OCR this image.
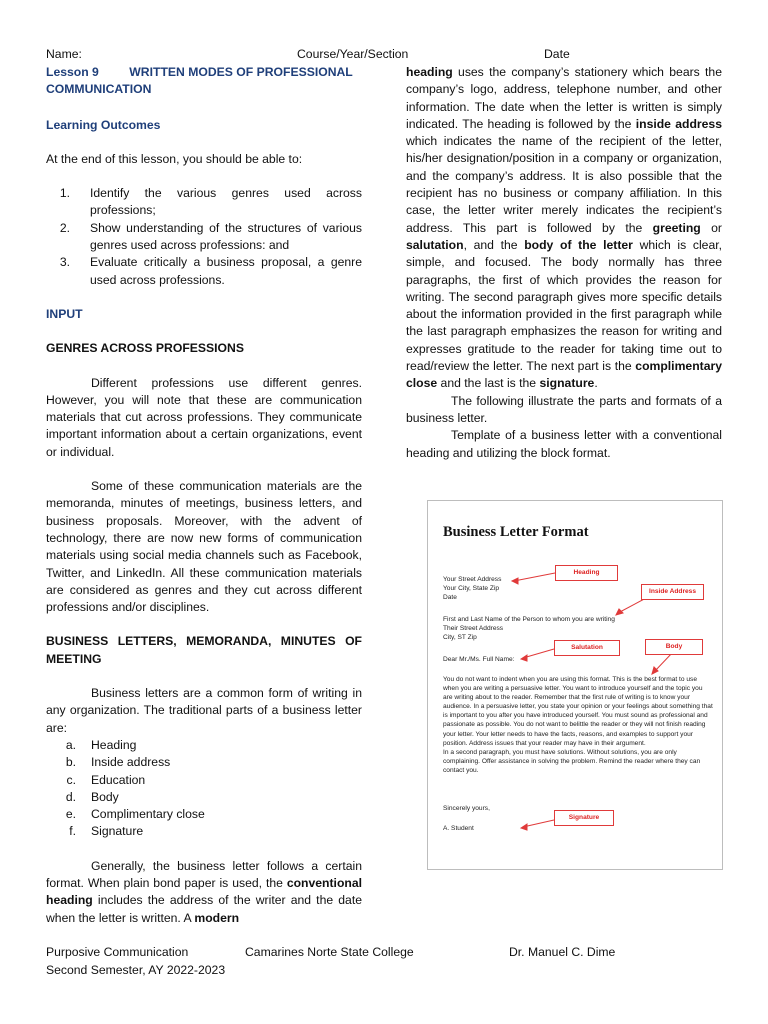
Name:	Course/Year/Section	Date
Lesson 9         WRITTEN MODES OF PROFESSIONAL
COMMUNICATION
Learning Outcomes

At the end of this lesson, you should be able to:

1.	Identify the various genres used across professions;
2.	Show understanding of the structures of various genres used across professions: and
3.	Evaluate critically a business proposal, a genre used across professions.
INPUT
GENRES ACROSS PROFESSIONS

Different professions use different genres. However, you will note that these are communication materials that cut across professions. They communicate important information about a certain organizations, event or individual.

Some of these communication materials are the memoranda, minutes of meetings, business letters, and business proposals. Moreover, with the advent of technology, there are now new forms of communication materials using social media channels such as Facebook, Twitter, and LinkedIn. All these communication materials are considered as genres and they cut across different professions and/or disciplines.

BUSINESS LETTERS, MEMORANDA, MINUTES OF MEETING

Business letters are a common form of writing in any organization. The traditional parts of a business letter are:

a.	Heading
b.	Inside address
c.	Education
d.	Body
e.	Complimentary close
f.	Signature

Generally, the business letter follows a certain format. When plain bond paper is used, the conventional heading includes the address of the writer and the date when the letter is written. A modern

heading uses the company’s stationery which bears the company’s logo, address, telephone number, and other information. The date when the letter is written is simply indicated. The heading is followed by the inside address which indicates the name of the recipient of the letter, his/her designation/position in a company or organization, and the company’s address. It is also possible that the recipient has no business or company affiliation. In this case, the letter writer merely indicates the recipient’s address. This part is followed by the greeting or salutation, and the body of the letter which is clear, simple, and focused. The body normally has three paragraphs, the first of which provides the reason for writing. The second paragraph gives more specific details about the information provided in the first paragraph while the last paragraph emphasizes the reason for writing and expresses gratitude to the reader for taking time out to read/review the letter. The next part is the complimentary close and the last is the signature.

The following illustrate the parts and formats of a business letter.

Template of a business letter with a conventional heading and utilizing the block format.

Business Letter Format
Your Street Address
Your City, State Zip
Date
First and Last Name of the Person to whom you are writing
Their Street Address
City, ST Zip
Dear Mr./Ms. Full Name:
You do not want to indent when you are using this format. This is the best format to use when you are writing a persuasive letter. You want to introduce yourself and the topic you are writing about to the reader. Remember that the first rule of writing is to know your audience. In a persuasive letter, you state your opinion or your feelings about something that is important to you after you have introduced yourself. You must sound as professional and passionate as possible. You do not want to belittle the reader or they will not finish reading your letter. Your letter needs to have the facts, reasons, and examples to support your position. Address issues that your reader may have in their argument.
In a second paragraph, you must have solutions. Without solutions, you are only complaining. Offer assistance in solving the problem. Remind the reader where they can contact you.
Sincerely yours,
A. Student
Heading
Inside Address
Salutation	Body
Signature
Purposive Communication	Camarines Norte State College	Dr. Manuel C. Dime
Second Semester, AY 2022-2023
